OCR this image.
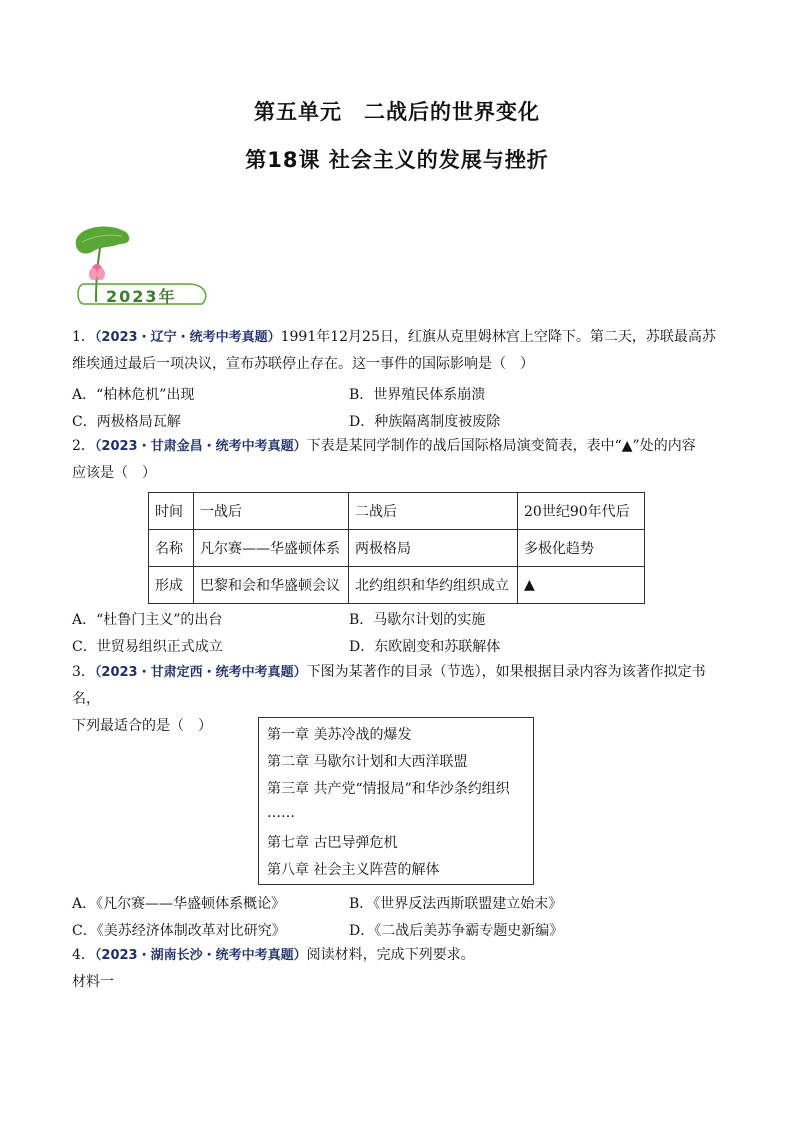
第五单元　二战后的世界变化
第18课 社会主义的发展与挫折
2023年
1．（2023・辽宁・统考中考真题）1991年12月25日，红旗从克里姆林宫上空降下。第二天，苏联最高苏
维埃通过最后一项决议，宣布苏联停止存在。这一事件的国际影响是（　）
A．“柏林危机”出现	B．世界殖民体系崩溃
C．两极格局瓦解	D．种族隔离制度被废除
2．（2023・甘肃金昌・统考中考真题）下表是某同学制作的战后国际格局演变简表，表中“▲”处的内容
应该是（　）
时间	一战后	二战后	20世纪90年代后
名称	凡尔赛——华盛顿体系	两极格局	多极化趋势
形成	巴黎和会和华盛顿会议	北约组织和华约组织成立	▲
A．“杜鲁门主义”的出台	B．马歇尔计划的实施
C．世贸易组织正式成立	D．东欧剧变和苏联解体
3．（2023・甘肃定西・统考中考真题）下图为某著作的目录（节选），如果根据目录内容为该著作拟定书名，
下列最适合的是（　）
第一章 美苏冷战的爆发
第二章 马歇尔计划和大西洋联盟
第三章 共产党“情报局”和华沙条约组织
……
第七章 古巴导弹危机
第八章 社会主义阵营的解体
A．《凡尔赛——华盛顿体系概论》	B．《世界反法西斯联盟建立始末》
C．《美苏经济体制改革对比研究》	D．《二战后美苏争霸专题史新编》
4．（2023・湖南长沙・统考中考真题）阅读材料，完成下列要求。
材料一
